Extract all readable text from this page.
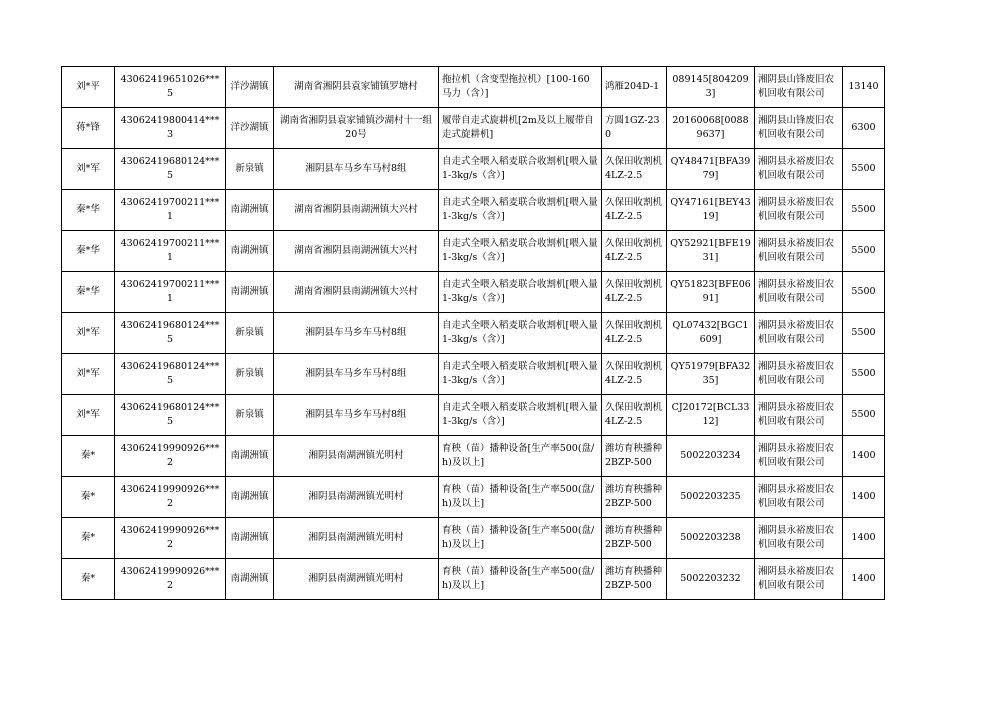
刘*平	43062419651026***5	洋沙湖镇	湖南省湘阴县袁家铺镇罗塘村	拖拉机（含变型拖拉机）[100-160马力（含）]	鸿雁204D-1	089145[8042093]	湘阴县山锋废旧农机回收有限公司	13140
蒋*锋	43062419800414***3	洋沙湖镇	湖南省湘阴县袁家铺镇沙湖村十一组20号	履带自走式旋耕机[2m及以上履带自走式旋耕机]	方圆1GZ-230	20160068[00889637]	湘阴县山锋废旧农机回收有限公司	6300
刘*军	43062419680124***5	新泉镇	湘阴县车马乡车马村8组	自走式全喂入稻麦联合收割机[喂入量1-3kg/s（含）]	久保田收割机4LZ-2.5	QY48471[BFA3979]	湘阴县永裕废旧农机回收有限公司	5500
秦*华	43062419700211***1	南湖洲镇	湖南省湘阴县南湖洲镇大兴村	自走式全喂入稻麦联合收割机[喂入量1-3kg/s（含）]	久保田收割机4LZ-2.5	QY47161[BEY4319]	湘阴县永裕废旧农机回收有限公司	5500
秦*华	43062419700211***1	南湖洲镇	湖南省湘阴县南湖洲镇大兴村	自走式全喂入稻麦联合收割机[喂入量1-3kg/s（含）]	久保田收割机4LZ-2.5	QY52921[BFE1931]	湘阴县永裕废旧农机回收有限公司	5500
秦*华	43062419700211***1	南湖洲镇	湖南省湘阴县南湖洲镇大兴村	自走式全喂入稻麦联合收割机[喂入量1-3kg/s（含）]	久保田收割机4LZ-2.5	QY51823[BFE0691]	湘阴县永裕废旧农机回收有限公司	5500
刘*军	43062419680124***5	新泉镇	湘阴县车马乡车马村8组	自走式全喂入稻麦联合收割机[喂入量1-3kg/s（含）]	久保田收割机4LZ-2.5	QL07432[BGC1609]	湘阴县永裕废旧农机回收有限公司	5500
刘*军	43062419680124***5	新泉镇	湘阴县车马乡车马村8组	自走式全喂入稻麦联合收割机[喂入量1-3kg/s（含）]	久保田收割机4LZ-2.5	QY51979[BFA3235]	湘阴县永裕废旧农机回收有限公司	5500
刘*军	43062419680124***5	新泉镇	湘阴县车马乡车马村8组	自走式全喂入稻麦联合收割机[喂入量1-3kg/s（含）]	久保田收割机4LZ-2.5	CJ20172[BCL3312]	湘阴县永裕废旧农机回收有限公司	5500
秦*	43062419990926***2	南湖洲镇	湘阴县南湖洲镇光明村	育秧（苗）播种设备[生产率500(盘/h)及以上]	潍坊育秧播种2BZP-500	5002203234	湘阴县永裕废旧农机回收有限公司	1400
秦*	43062419990926***2	南湖洲镇	湘阴县南湖洲镇光明村	育秧（苗）播种设备[生产率500(盘/h)及以上]	潍坊育秧播种2BZP-500	5002203235	湘阴县永裕废旧农机回收有限公司	1400
秦*	43062419990926***2	南湖洲镇	湘阴县南湖洲镇光明村	育秧（苗）播种设备[生产率500(盘/h)及以上]	潍坊育秧播种2BZP-500	5002203238	湘阴县永裕废旧农机回收有限公司	1400
秦*	43062419990926***2	南湖洲镇	湘阴县南湖洲镇光明村	育秧（苗）播种设备[生产率500(盘/h)及以上]	潍坊育秧播种2BZP-500	5002203232	湘阴县永裕废旧农机回收有限公司	1400
